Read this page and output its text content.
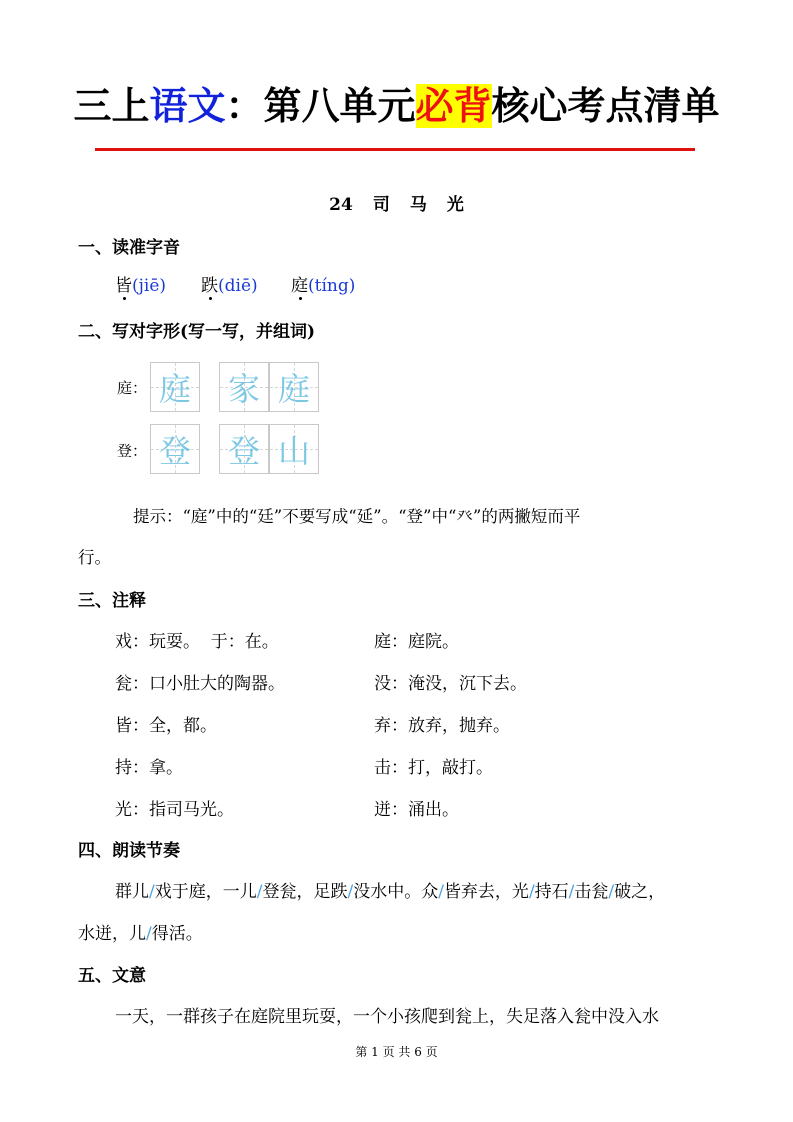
三上语文：第八单元必背核心考点清单
24 司 马 光
一、读准字音
皆(jiē) 跌(diē) 庭(tíng)
二、写对字形(写一写，并组词)
庭： 庭 家 庭
登： 登 登 山
提示：“庭”中的“廷”不要写成“延”。“登”中“癶”的两撇短而平
行。
三、注释
戏：玩耍。  于：在。	庭：庭院。
瓮：口小肚大的陶器。	没：淹没，沉下去。
皆：全，都。	弃：放弃，抛弃。
持：拿。	击：打，敲打。
光：指司马光。	迸：涌出。
四、朗读节奏
群儿/戏于庭，一儿/登瓮，足跌/没水中。众/皆弃去，光/持石/击瓮/破之，
水迸，儿/得活。
五、文意
一天，一群孩子在庭院里玩耍，一个小孩爬到瓮上，失足落入瓮中没入水
第 1 页 共 6 页
